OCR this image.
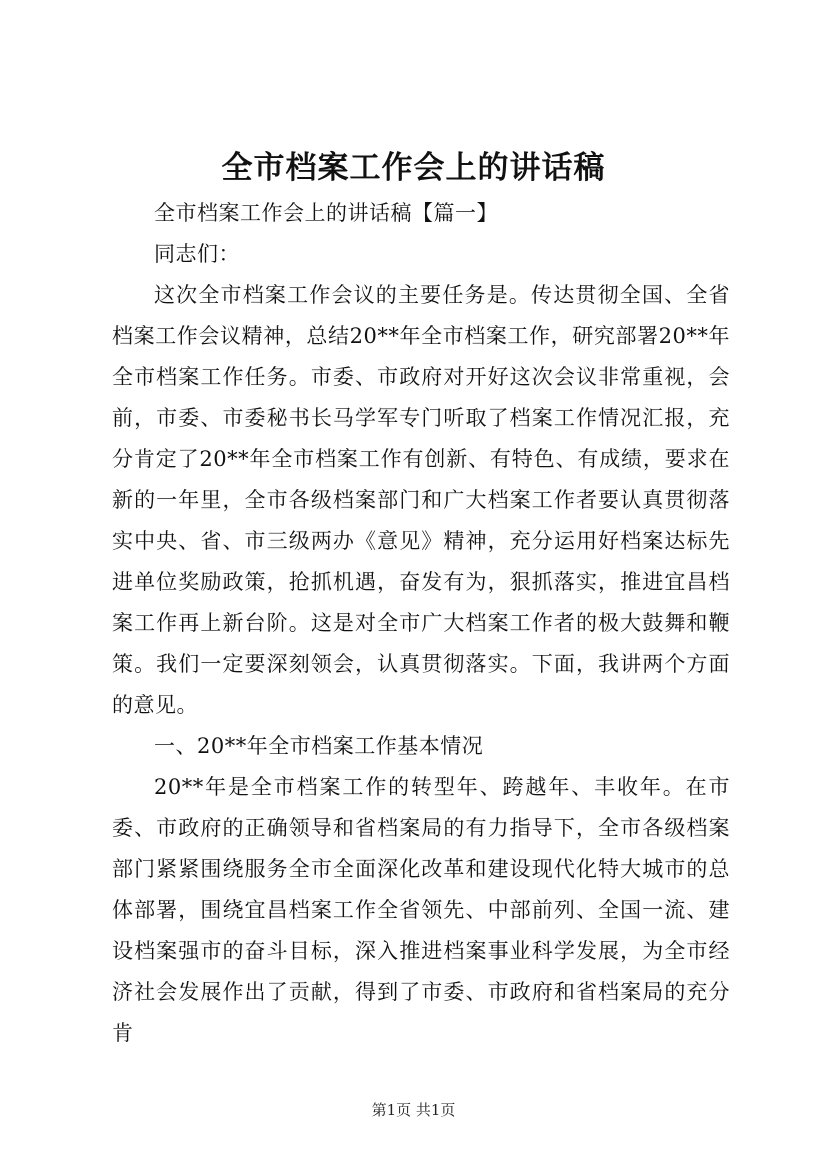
全市档案工作会上的讲话稿

全市档案工作会上的讲话稿【篇一】

同志们：

这次全市档案工作会议的主要任务是。传达贯彻全国、全省档案工作会议精神，总结20**年全市档案工作，研究部署20**年全市档案工作任务。市委、市政府对开好这次会议非常重视，会前，市委、市委秘书长马学军专门听取了档案工作情况汇报，充分肯定了20**年全市档案工作有创新、有特色、有成绩，要求在新的一年里，全市各级档案部门和广大档案工作者要认真贯彻落实中央、省、市三级两办《意见》精神，充分运用好档案达标先进单位奖励政策，抢抓机遇，奋发有为，狠抓落实，推进宜昌档案工作再上新台阶。这是对全市广大档案工作者的极大鼓舞和鞭策。我们一定要深刻领会，认真贯彻落实。下面，我讲两个方面的意见。

一、20**年全市档案工作基本情况

20**年是全市档案工作的转型年、跨越年、丰收年。在市委、市政府的正确领导和省档案局的有力指导下，全市各级档案部门紧紧围绕服务全市全面深化改革和建设现代化特大城市的总体部署，围绕宜昌档案工作全省领先、中部前列、全国一流、建设档案强市的奋斗目标，深入推进档案事业科学发展，为全市经济社会发展作出了贡献，得到了市委、市政府和省档案局的充分肯

第1页 共1页
